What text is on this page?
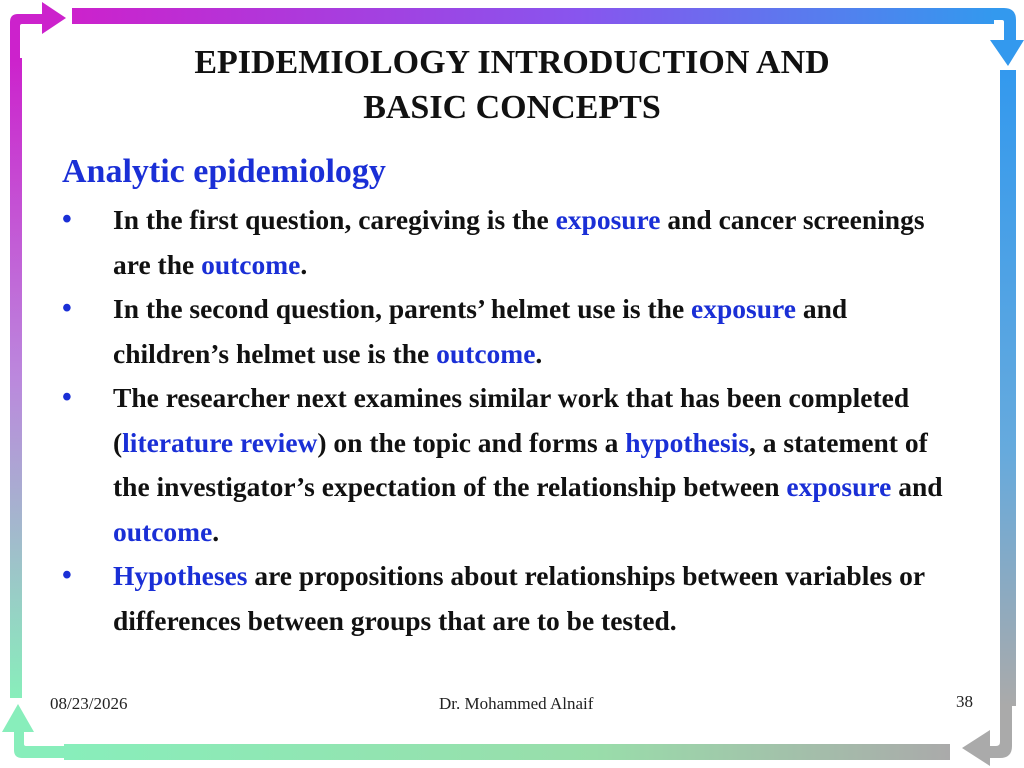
EPIDEMIOLOGY INTRODUCTION AND
BASIC CONCEPTS
Analytic epidemiology
• In the first question, caregiving is the exposure and cancer screenings are the outcome.
• In the second question, parents’ helmet use is the exposure and children’s helmet use is the outcome.
• The researcher next examines similar work that has been completed (literature review) on the topic and forms a hypothesis, a statement of the investigator’s expectation of the relationship between exposure and outcome.
• Hypotheses are propositions about relationships between variables or differences between groups that are to be tested.
08/23/2026	Dr. Mohammed Alnaif	38
